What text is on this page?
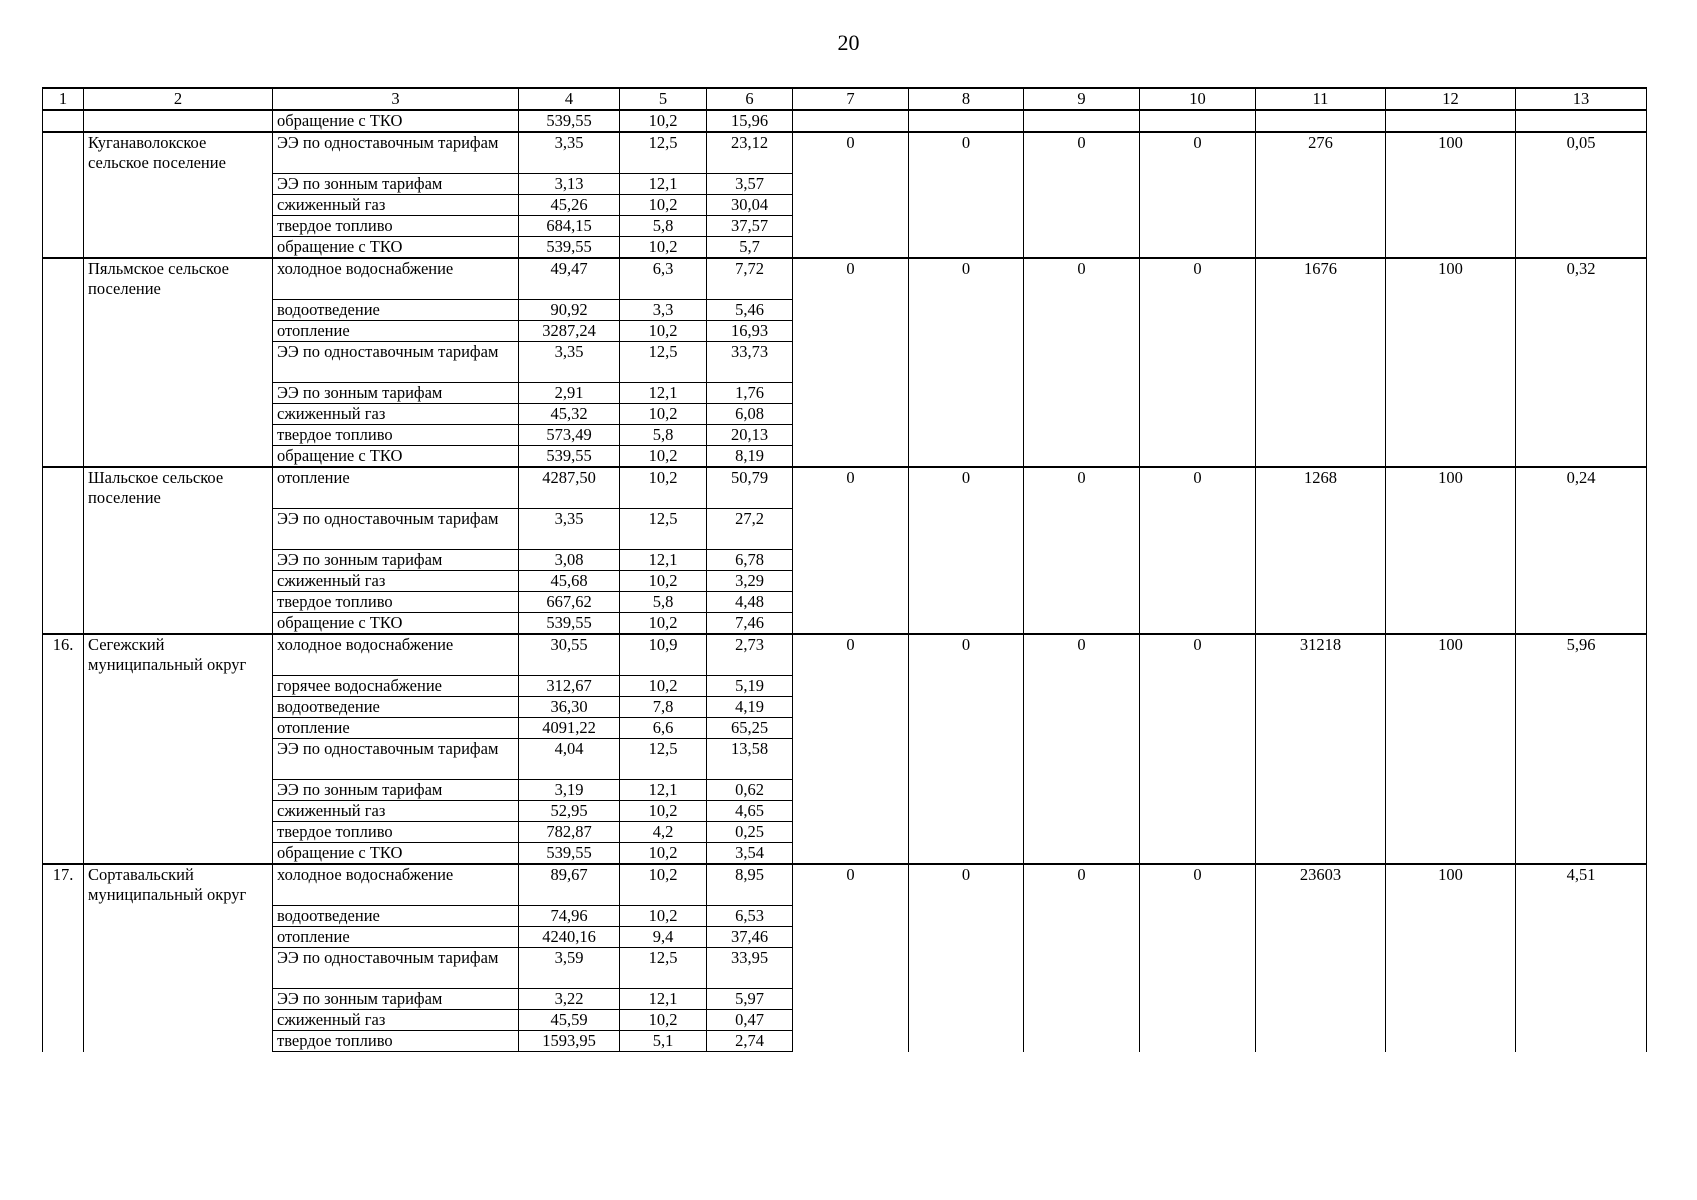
20
1	2	3	4	5	6	7	8	9	10	11	12	13
		обращение с ТКО	539,55	10,2	15,96							
	Куганаволокское сельское поселение	ЭЭ по одноставочным тарифам	3,35	12,5	23,12	0	0	0	0	276	100	0,05
		ЭЭ по зонным тарифам	3,13	12,1	3,57							
		сжиженный газ	45,26	10,2	30,04							
		твердое топливо	684,15	5,8	37,57							
		обращение с ТКО	539,55	10,2	5,7							
	Пяльмское сельское поселение	холодное водоснабжение	49,47	6,3	7,72	0	0	0	0	1676	100	0,32
		водоотведение	90,92	3,3	5,46							
		отопление	3287,24	10,2	16,93							
		ЭЭ по одноставочным тарифам	3,35	12,5	33,73							
		ЭЭ по зонным тарифам	2,91	12,1	1,76							
		сжиженный газ	45,32	10,2	6,08							
		твердое топливо	573,49	5,8	20,13							
		обращение с ТКО	539,55	10,2	8,19							
	Шальское сельское поселение	отопление	4287,50	10,2	50,79	0	0	0	0	1268	100	0,24
		ЭЭ по одноставочным тарифам	3,35	12,5	27,2							
		ЭЭ по зонным тарифам	3,08	12,1	6,78							
		сжиженный газ	45,68	10,2	3,29							
		твердое топливо	667,62	5,8	4,48							
		обращение с ТКО	539,55	10,2	7,46							
16.	Сегежский муниципальный округ	холодное водоснабжение	30,55	10,9	2,73	0	0	0	0	31218	100	5,96
		горячее водоснабжение	312,67	10,2	5,19							
		водоотведение	36,30	7,8	4,19							
		отопление	4091,22	6,6	65,25							
		ЭЭ по одноставочным тарифам	4,04	12,5	13,58							
		ЭЭ по зонным тарифам	3,19	12,1	0,62							
		сжиженный газ	52,95	10,2	4,65							
		твердое топливо	782,87	4,2	0,25							
		обращение с ТКО	539,55	10,2	3,54							
17.	Сортавальский муниципальный округ	холодное водоснабжение	89,67	10,2	8,95	0	0	0	0	23603	100	4,51
		водоотведение	74,96	10,2	6,53							
		отопление	4240,16	9,4	37,46							
		ЭЭ по одноставочным тарифам	3,59	12,5	33,95							
		ЭЭ по зонным тарифам	3,22	12,1	5,97							
		сжиженный газ	45,59	10,2	0,47							
		твердое топливо	1593,95	5,1	2,74							
